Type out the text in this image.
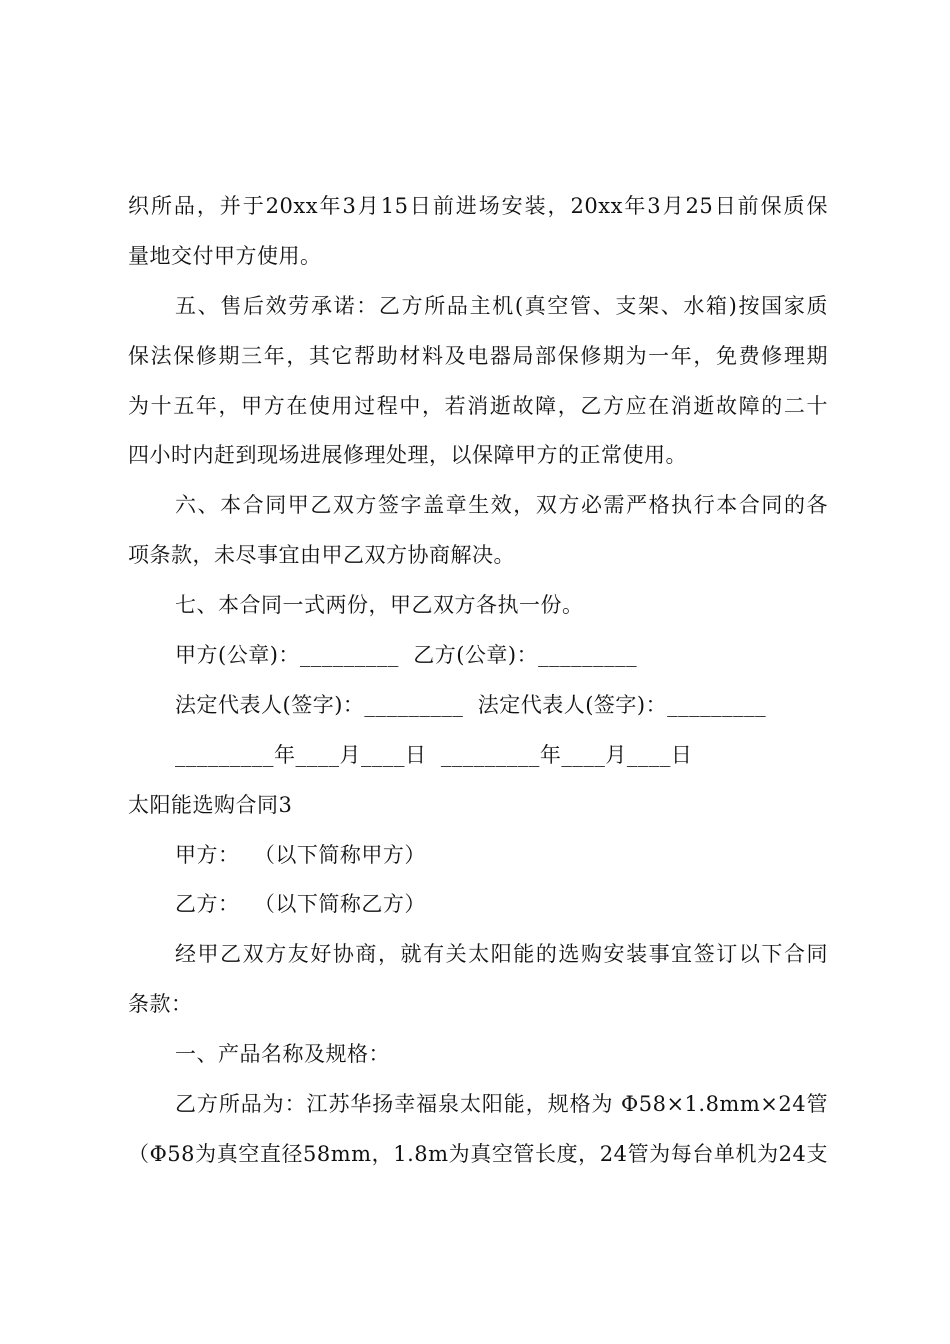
织所品，并于20xx年3月15日前进场安装，20xx年3月25日前保质保
量地交付甲方使用。
五、售后效劳承诺：乙方所品主机(真空管、支架、水箱)按国家质
保法保修期三年，其它帮助材料及电器局部保修期为一年，免费修理期
为十五年，甲方在使用过程中，若消逝故障，乙方应在消逝故障的二十
四小时内赶到现场进展修理处理，以保障甲方的正常使用。
六、本合同甲乙双方签字盖章生效，双方必需严格执行本合同的各
项条款，未尽事宜由甲乙双方协商解决。
七、本合同一式两份，甲乙双方各执一份。
甲方(公章)：_________  乙方(公章)：_________
法定代表人(签字)：_________  法定代表人(签字)：_________
_________年____月____日  _________年____月____日
太阳能选购合同3
甲方：  （以下简称甲方）
乙方：  （以下简称乙方）
经甲乙双方友好协商，就有关太阳能的选购安装事宜签订以下合同
条款：
一、产品名称及规格：
乙方所品为：江苏华扬幸福泉太阳能，规格为 Φ58×1.8mm×24管
（Φ58为真空直径58mm，1.8m为真空管长度，24管为每台单机为24支
